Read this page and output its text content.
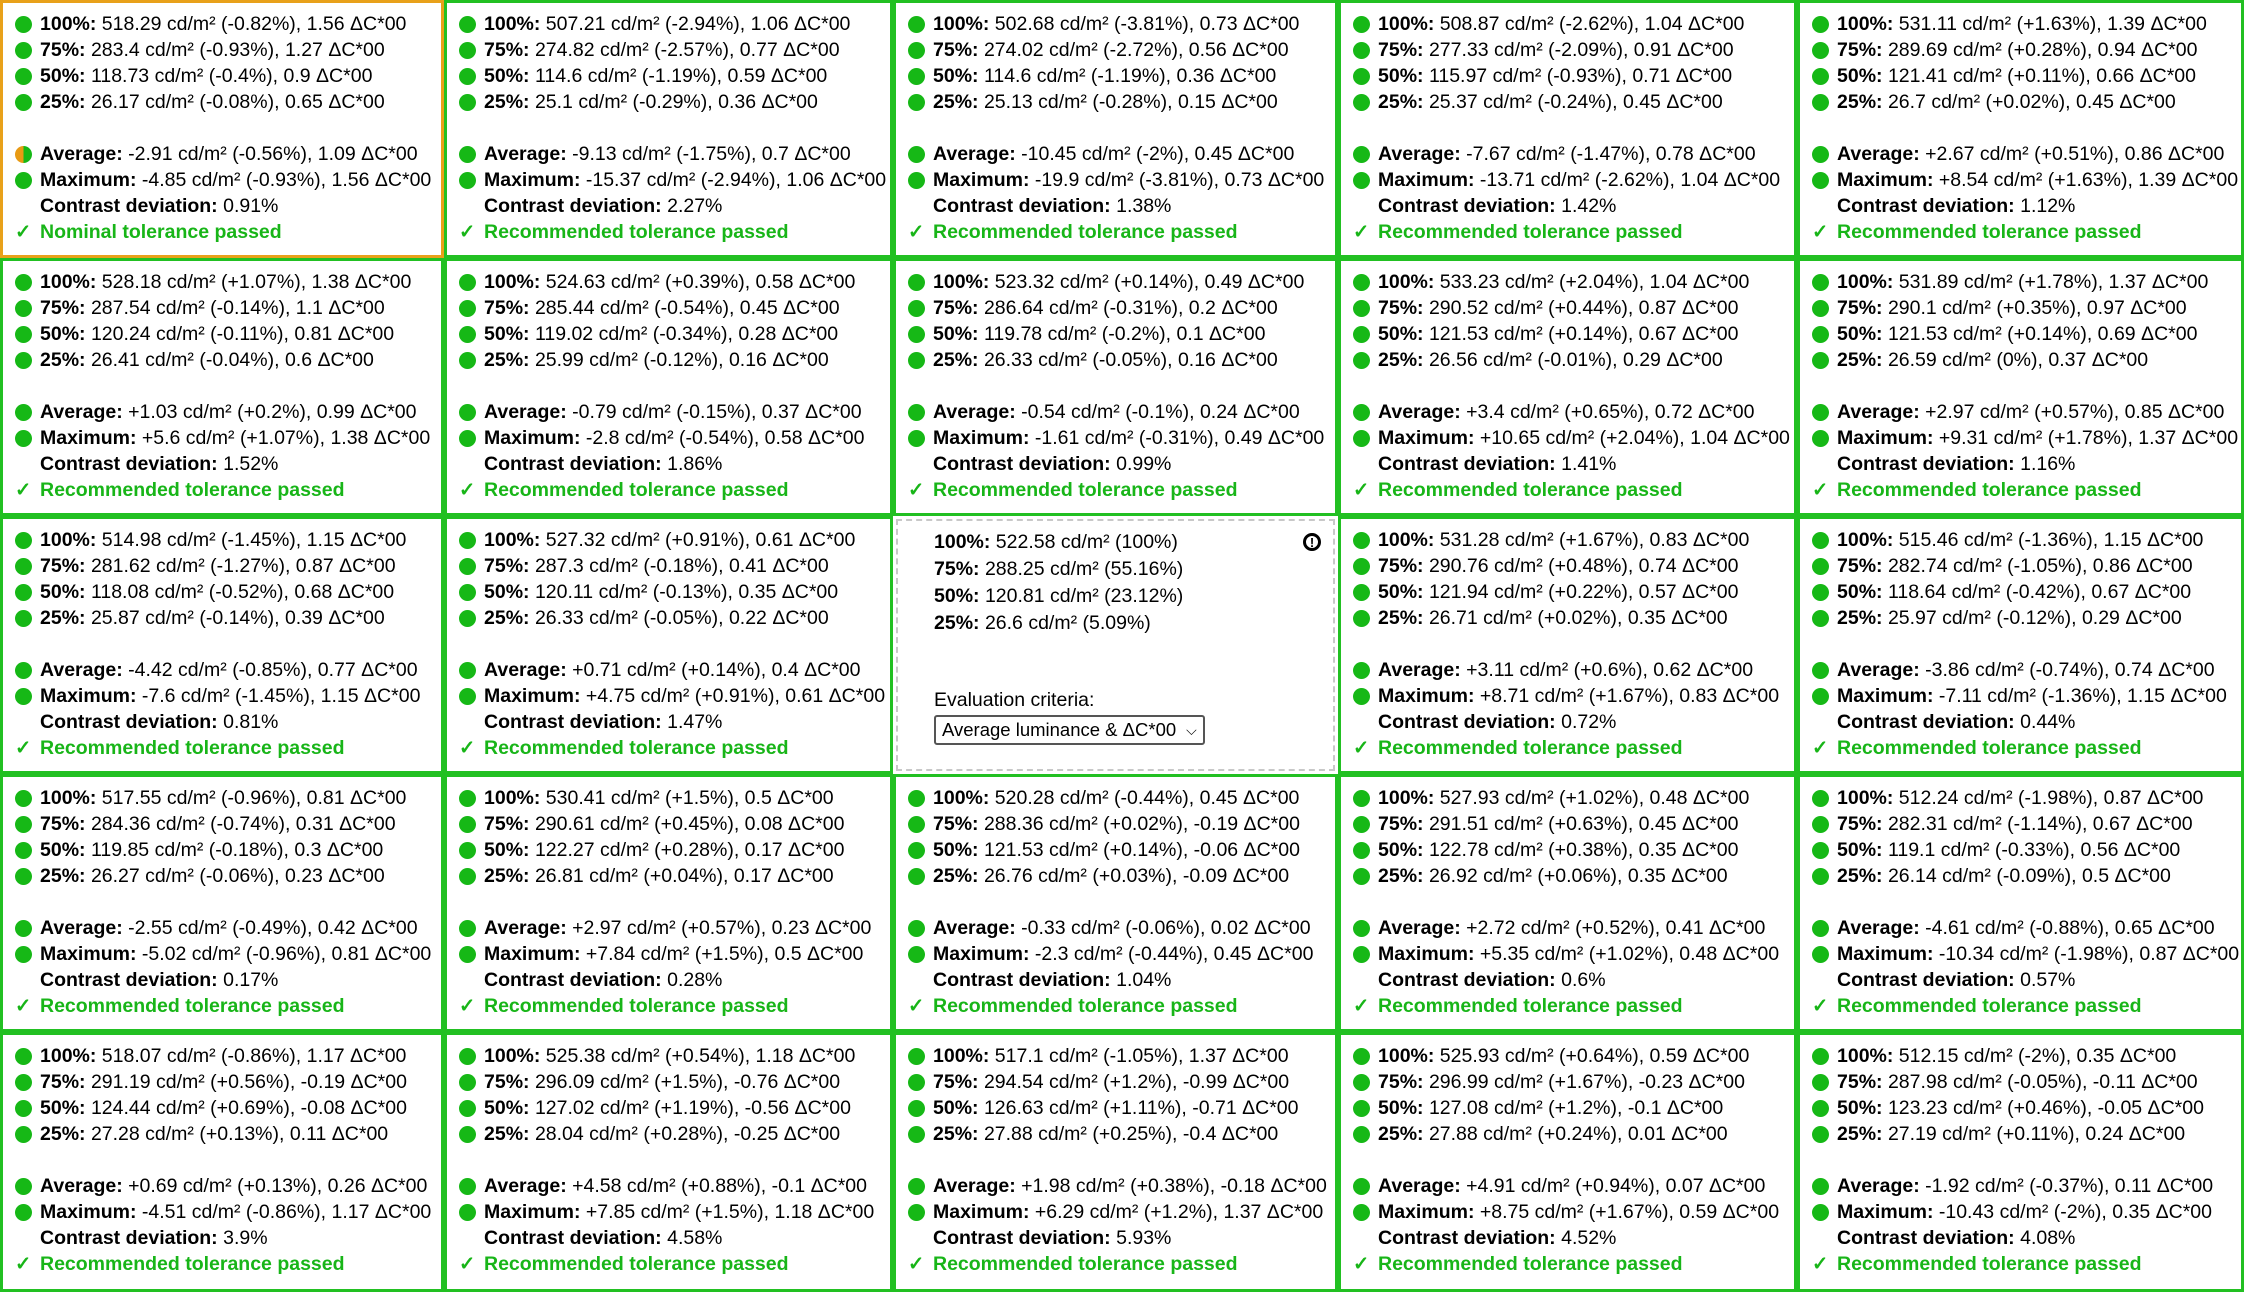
100%:
518.29 cd/m² (-0.82%), 1.56 ΔC*00
75%:
283.4 cd/m² (-0.93%), 1.27 ΔC*00
50%:
118.73 cd/m² (-0.4%), 0.9 ΔC*00
25%:
26.17 cd/m² (-0.08%), 0.65 ΔC*00
Average:
-2.91 cd/m² (-0.56%), 1.09 ΔC*00
Maximum:
-4.85 cd/m² (-0.93%), 1.56 ΔC*00
Contrast deviation:
0.91%
✓ Nominal tolerance passed
100%:
507.21 cd/m² (-2.94%), 1.06 ΔC*00
75%:
274.82 cd/m² (-2.57%), 0.77 ΔC*00
50%:
114.6 cd/m² (-1.19%), 0.59 ΔC*00
25%:
25.1 cd/m² (-0.29%), 0.36 ΔC*00
Average:
-9.13 cd/m² (-1.75%), 0.7 ΔC*00
Maximum:
-15.37 cd/m² (-2.94%), 1.06 ΔC*00
Contrast deviation:
2.27%
✓ Recommended tolerance passed
100%:
502.68 cd/m² (-3.81%), 0.73 ΔC*00
75%:
274.02 cd/m² (-2.72%), 0.56 ΔC*00
50%:
114.6 cd/m² (-1.19%), 0.36 ΔC*00
25%:
25.13 cd/m² (-0.28%), 0.15 ΔC*00
Average:
-10.45 cd/m² (-2%), 0.45 ΔC*00
Maximum:
-19.9 cd/m² (-3.81%), 0.73 ΔC*00
Contrast deviation:
1.38%
✓ Recommended tolerance passed
100%:
508.87 cd/m² (-2.62%), 1.04 ΔC*00
75%:
277.33 cd/m² (-2.09%), 0.91 ΔC*00
50%:
115.97 cd/m² (-0.93%), 0.71 ΔC*00
25%:
25.37 cd/m² (-0.24%), 0.45 ΔC*00
Average:
-7.67 cd/m² (-1.47%), 0.78 ΔC*00
Maximum:
-13.71 cd/m² (-2.62%), 1.04 ΔC*00
Contrast deviation:
1.42%
✓ Recommended tolerance passed
100%:
531.11 cd/m² (+1.63%), 1.39 ΔC*00
75%:
289.69 cd/m² (+0.28%), 0.94 ΔC*00
50%:
121.41 cd/m² (+0.11%), 0.66 ΔC*00
25%:
26.7 cd/m² (+0.02%), 0.45 ΔC*00
Average:
+2.67 cd/m² (+0.51%), 0.86 ΔC*00
Maximum:
+8.54 cd/m² (+1.63%), 1.39 ΔC*00
Contrast deviation:
1.12%
✓ Recommended tolerance passed
100%:
528.18 cd/m² (+1.07%), 1.38 ΔC*00
75%:
287.54 cd/m² (-0.14%), 1.1 ΔC*00
50%:
120.24 cd/m² (-0.11%), 0.81 ΔC*00
25%:
26.41 cd/m² (-0.04%), 0.6 ΔC*00
Average:
+1.03 cd/m² (+0.2%), 0.99 ΔC*00
Maximum:
+5.6 cd/m² (+1.07%), 1.38 ΔC*00
Contrast deviation:
1.52%
✓ Recommended tolerance passed
100%:
524.63 cd/m² (+0.39%), 0.58 ΔC*00
75%:
285.44 cd/m² (-0.54%), 0.45 ΔC*00
50%:
119.02 cd/m² (-0.34%), 0.28 ΔC*00
25%:
25.99 cd/m² (-0.12%), 0.16 ΔC*00
Average:
-0.79 cd/m² (-0.15%), 0.37 ΔC*00
Maximum:
-2.8 cd/m² (-0.54%), 0.58 ΔC*00
Contrast deviation:
1.86%
✓ Recommended tolerance passed
100%:
523.32 cd/m² (+0.14%), 0.49 ΔC*00
75%:
286.64 cd/m² (-0.31%), 0.2 ΔC*00
50%:
119.78 cd/m² (-0.2%), 0.1 ΔC*00
25%:
26.33 cd/m² (-0.05%), 0.16 ΔC*00
Average:
-0.54 cd/m² (-0.1%), 0.24 ΔC*00
Maximum:
-1.61 cd/m² (-0.31%), 0.49 ΔC*00
Contrast deviation:
0.99%
✓ Recommended tolerance passed
100%:
533.23 cd/m² (+2.04%), 1.04 ΔC*00
75%:
290.52 cd/m² (+0.44%), 0.87 ΔC*00
50%:
121.53 cd/m² (+0.14%), 0.67 ΔC*00
25%:
26.56 cd/m² (-0.01%), 0.29 ΔC*00
Average:
+3.4 cd/m² (+0.65%), 0.72 ΔC*00
Maximum:
+10.65 cd/m² (+2.04%), 1.04 ΔC*00
Contrast deviation:
1.41%
✓ Recommended tolerance passed
100%:
531.89 cd/m² (+1.78%), 1.37 ΔC*00
75%:
290.1 cd/m² (+0.35%), 0.97 ΔC*00
50%:
121.53 cd/m² (+0.14%), 0.69 ΔC*00
25%:
26.59 cd/m² (0%), 0.37 ΔC*00
Average:
+2.97 cd/m² (+0.57%), 0.85 ΔC*00
Maximum:
+9.31 cd/m² (+1.78%), 1.37 ΔC*00
Contrast deviation:
1.16%
✓ Recommended tolerance passed
100%:
514.98 cd/m² (-1.45%), 1.15 ΔC*00
75%:
281.62 cd/m² (-1.27%), 0.87 ΔC*00
50%:
118.08 cd/m² (-0.52%), 0.68 ΔC*00
25%:
25.87 cd/m² (-0.14%), 0.39 ΔC*00
Average:
-4.42 cd/m² (-0.85%), 0.77 ΔC*00
Maximum:
-7.6 cd/m² (-1.45%), 1.15 ΔC*00
Contrast deviation:
0.81%
✓ Recommended tolerance passed
100%:
527.32 cd/m² (+0.91%), 0.61 ΔC*00
75%:
287.3 cd/m² (-0.18%), 0.41 ΔC*00
50%:
120.11 cd/m² (-0.13%), 0.35 ΔC*00
25%:
26.33 cd/m² (-0.05%), 0.22 ΔC*00
Average:
+0.71 cd/m² (+0.14%), 0.4 ΔC*00
Maximum:
+4.75 cd/m² (+0.91%), 0.61 ΔC*00
Contrast deviation:
1.47%
✓ Recommended tolerance passed
!
100%:
522.58 cd/m² (100%)
75%:
288.25 cd/m² (55.16%)
50%:
120.81 cd/m² (23.12%)
25%:
26.6 cd/m² (5.09%)
Evaluation criteria:
Average luminance & ΔC*00 ⌵
100%:
531.28 cd/m² (+1.67%), 0.83 ΔC*00
75%:
290.76 cd/m² (+0.48%), 0.74 ΔC*00
50%:
121.94 cd/m² (+0.22%), 0.57 ΔC*00
25%:
26.71 cd/m² (+0.02%), 0.35 ΔC*00
Average:
+3.11 cd/m² (+0.6%), 0.62 ΔC*00
Maximum:
+8.71 cd/m² (+1.67%), 0.83 ΔC*00
Contrast deviation:
0.72%
✓ Recommended tolerance passed
100%:
515.46 cd/m² (-1.36%), 1.15 ΔC*00
75%:
282.74 cd/m² (-1.05%), 0.86 ΔC*00
50%:
118.64 cd/m² (-0.42%), 0.67 ΔC*00
25%:
25.97 cd/m² (-0.12%), 0.29 ΔC*00
Average:
-3.86 cd/m² (-0.74%), 0.74 ΔC*00
Maximum:
-7.11 cd/m² (-1.36%), 1.15 ΔC*00
Contrast deviation:
0.44%
✓ Recommended tolerance passed
100%:
517.55 cd/m² (-0.96%), 0.81 ΔC*00
75%:
284.36 cd/m² (-0.74%), 0.31 ΔC*00
50%:
119.85 cd/m² (-0.18%), 0.3 ΔC*00
25%:
26.27 cd/m² (-0.06%), 0.23 ΔC*00
Average:
-2.55 cd/m² (-0.49%), 0.42 ΔC*00
Maximum:
-5.02 cd/m² (-0.96%), 0.81 ΔC*00
Contrast deviation:
0.17%
✓ Recommended tolerance passed
100%:
530.41 cd/m² (+1.5%), 0.5 ΔC*00
75%:
290.61 cd/m² (+0.45%), 0.08 ΔC*00
50%:
122.27 cd/m² (+0.28%), 0.17 ΔC*00
25%:
26.81 cd/m² (+0.04%), 0.17 ΔC*00
Average:
+2.97 cd/m² (+0.57%), 0.23 ΔC*00
Maximum:
+7.84 cd/m² (+1.5%), 0.5 ΔC*00
Contrast deviation:
0.28%
✓ Recommended tolerance passed
100%:
520.28 cd/m² (-0.44%), 0.45 ΔC*00
75%:
288.36 cd/m² (+0.02%), -0.19 ΔC*00
50%:
121.53 cd/m² (+0.14%), -0.06 ΔC*00
25%:
26.76 cd/m² (+0.03%), -0.09 ΔC*00
Average:
-0.33 cd/m² (-0.06%), 0.02 ΔC*00
Maximum:
-2.3 cd/m² (-0.44%), 0.45 ΔC*00
Contrast deviation:
1.04%
✓ Recommended tolerance passed
100%:
527.93 cd/m² (+1.02%), 0.48 ΔC*00
75%:
291.51 cd/m² (+0.63%), 0.45 ΔC*00
50%:
122.78 cd/m² (+0.38%), 0.35 ΔC*00
25%:
26.92 cd/m² (+0.06%), 0.35 ΔC*00
Average:
+2.72 cd/m² (+0.52%), 0.41 ΔC*00
Maximum:
+5.35 cd/m² (+1.02%), 0.48 ΔC*00
Contrast deviation:
0.6%
✓ Recommended tolerance passed
100%:
512.24 cd/m² (-1.98%), 0.87 ΔC*00
75%:
282.31 cd/m² (-1.14%), 0.67 ΔC*00
50%:
119.1 cd/m² (-0.33%), 0.56 ΔC*00
25%:
26.14 cd/m² (-0.09%), 0.5 ΔC*00
Average:
-4.61 cd/m² (-0.88%), 0.65 ΔC*00
Maximum:
-10.34 cd/m² (-1.98%), 0.87 ΔC*00
Contrast deviation:
0.57%
✓ Recommended tolerance passed
100%:
518.07 cd/m² (-0.86%), 1.17 ΔC*00
75%:
291.19 cd/m² (+0.56%), -0.19 ΔC*00
50%:
124.44 cd/m² (+0.69%), -0.08 ΔC*00
25%:
27.28 cd/m² (+0.13%), 0.11 ΔC*00
Average:
+0.69 cd/m² (+0.13%), 0.26 ΔC*00
Maximum:
-4.51 cd/m² (-0.86%), 1.17 ΔC*00
Contrast deviation:
3.9%
✓ Recommended tolerance passed
100%:
525.38 cd/m² (+0.54%), 1.18 ΔC*00
75%:
296.09 cd/m² (+1.5%), -0.76 ΔC*00
50%:
127.02 cd/m² (+1.19%), -0.56 ΔC*00
25%:
28.04 cd/m² (+0.28%), -0.25 ΔC*00
Average:
+4.58 cd/m² (+0.88%), -0.1 ΔC*00
Maximum:
+7.85 cd/m² (+1.5%), 1.18 ΔC*00
Contrast deviation:
4.58%
✓ Recommended tolerance passed
100%:
517.1 cd/m² (-1.05%), 1.37 ΔC*00
75%:
294.54 cd/m² (+1.2%), -0.99 ΔC*00
50%:
126.63 cd/m² (+1.11%), -0.71 ΔC*00
25%:
27.88 cd/m² (+0.25%), -0.4 ΔC*00
Average:
+1.98 cd/m² (+0.38%), -0.18 ΔC*00
Maximum:
+6.29 cd/m² (+1.2%), 1.37 ΔC*00
Contrast deviation:
5.93%
✓ Recommended tolerance passed
100%:
525.93 cd/m² (+0.64%), 0.59 ΔC*00
75%:
296.99 cd/m² (+1.67%), -0.23 ΔC*00
50%:
127.08 cd/m² (+1.2%), -0.1 ΔC*00
25%:
27.88 cd/m² (+0.24%), 0.01 ΔC*00
Average:
+4.91 cd/m² (+0.94%), 0.07 ΔC*00
Maximum:
+8.75 cd/m² (+1.67%), 0.59 ΔC*00
Contrast deviation:
4.52%
✓ Recommended tolerance passed
100%:
512.15 cd/m² (-2%), 0.35 ΔC*00
75%:
287.98 cd/m² (-0.05%), -0.11 ΔC*00
50%:
123.23 cd/m² (+0.46%), -0.05 ΔC*00
25%:
27.19 cd/m² (+0.11%), 0.24 ΔC*00
Average:
-1.92 cd/m² (-0.37%), 0.11 ΔC*00
Maximum:
-10.43 cd/m² (-2%), 0.35 ΔC*00
Contrast deviation:
4.08%
✓ Recommended tolerance passed
